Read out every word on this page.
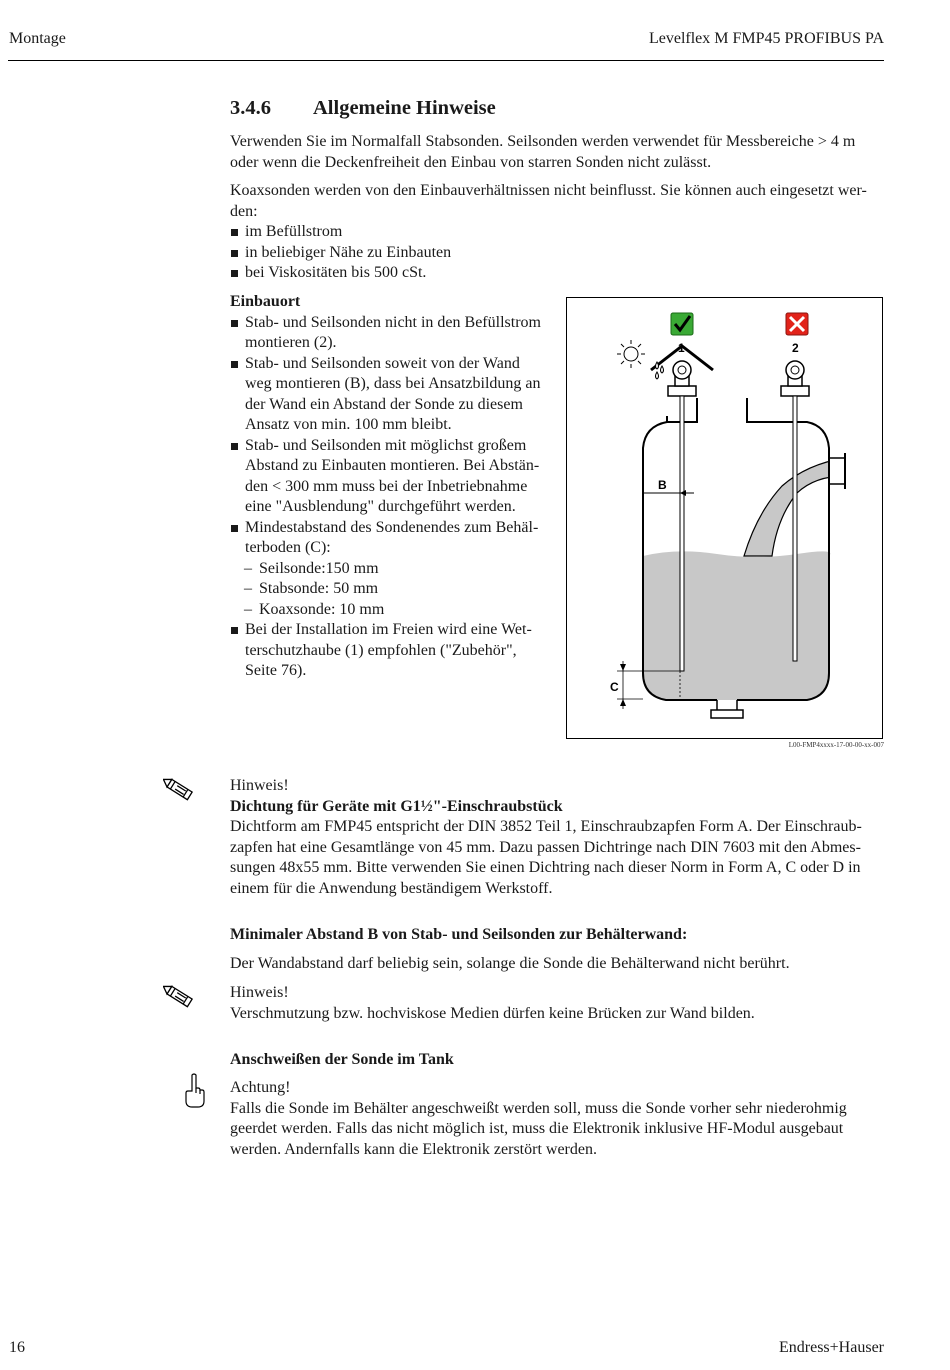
Montage	Levelflex M FMP45 PROFIBUS PA
3.4.6 Allgemeine Hinweise

Verwenden Sie im Normalfall Stabsonden. Seilsonden werden verwendet für Messbereiche > 4 m

oder wenn die Deckenfreiheit den Einbau von starren Sonden nicht zulässt.

Koaxsonden werden von den Einbauverhältnissen nicht beinflusst. Sie können auch eingesetzt wer-

den:

im Befüllstrom

in beliebiger Nähe zu Einbauten

bei Viskositäten bis 500 cSt.

Einbauort

Stab- und Seilsonden nicht in den Befüllstrom

montieren (2).

Stab- und Seilsonden soweit von der Wand

weg montieren (B), dass bei Ansatzbildung an

der Wand ein Abstand der Sonde zu diesem

Ansatz von min. 100 mm bleibt.

Stab- und Seilsonden mit möglichst großem

Abstand zu Einbauten montieren. Bei Abstän-

den < 300 mm muss bei der Inbetriebnahme

eine "Ausblendung" durchgeführt werden.

Mindestabstand des Sondenendes zum Behäl-

terboden (C):

– Seilsonde:150 mm

– Stabsonde: 50 mm

– Koaxsonde: 10 mm

Bei der Installation im Freien wird eine Wet-

terschutzhaube (1) empfohlen ("Zubehör",

Seite 76).

B
C
1	2
L00-FMP4xxxx-17-00-00-xx-007

Hinweis!

Dichtung für Geräte mit G1½"-Einschraubstück

Dichtform am FMP45 entspricht der DIN 3852 Teil 1, Einschraubzapfen Form A. Der Einschraub-

zapfen hat eine Gesamtlänge von 45 mm. Dazu passen Dichtringe nach DIN 7603 mit den Abmes-

sungen 48x55 mm. Bitte verwenden Sie einen Dichtring nach dieser Norm in Form A, C oder D in

einem für die Anwendung beständigem Werkstoff.

Minimaler Abstand B von Stab- und Seilsonden zur Behälterwand:
Der Wandabstand darf beliebig sein, solange die Sonde die Behälterwand nicht berührt.

Hinweis!

Verschmutzung bzw. hochviskose Medien dürfen keine Brücken zur Wand bilden.

Anschweißen der Sonde im Tank

Achtung!

Falls die Sonde im Behälter angeschweißt werden soll, muss die Sonde vorher sehr niederohmig

geerdet werden. Falls das nicht möglich ist, muss die Elektronik inklusive HF-Modul ausgebaut

werden. Andernfalls kann die Elektronik zerstört werden.

16	Endress+Hauser
